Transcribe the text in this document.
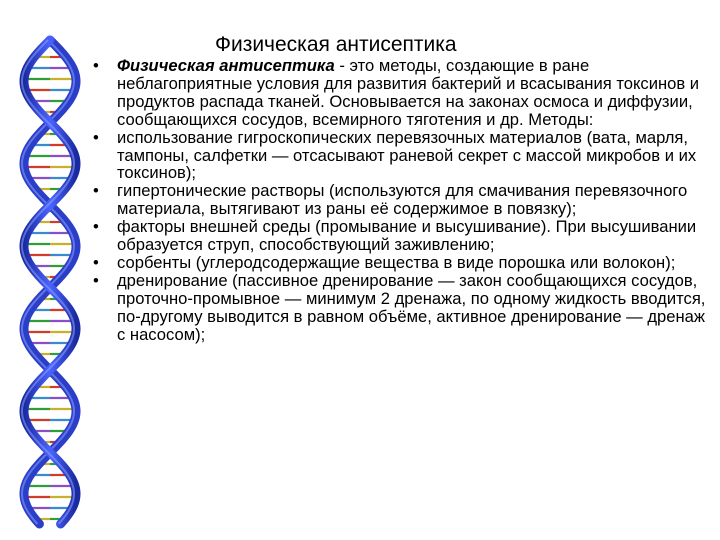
Физическая антисептика
•	Физическая антисептика - это методы, создающие в ране неблагоприятные условия для развития бактерий и всасывания токсинов и продуктов распада тканей. Основывается на законах осмоса и диффузии, сообщающихся сосудов, всемирного тяготения и др. Методы:
•	использование гигроскопических перевязочных материалов (вата, марля, тампоны, салфетки — отсасывают раневой секрет с массой микробов и их токсинов);
•	гипертонические растворы (используются для смачивания перевязочного материала, вытягивают из раны её содержимое в повязку);
•	факторы внешней среды (промывание и высушивание). При высушивании образуется струп, способствующий заживлению;
•	сорбенты (углеродсодержащие вещества в виде порошка или волокон);
•	дренирование (пассивное дренирование — закон сообщающихся сосудов, проточно-промывное — минимум 2 дренажа, по одному жидкость вводится, по-другому выводится в равном объёме, активное дренирование — дренаж с насосом);
